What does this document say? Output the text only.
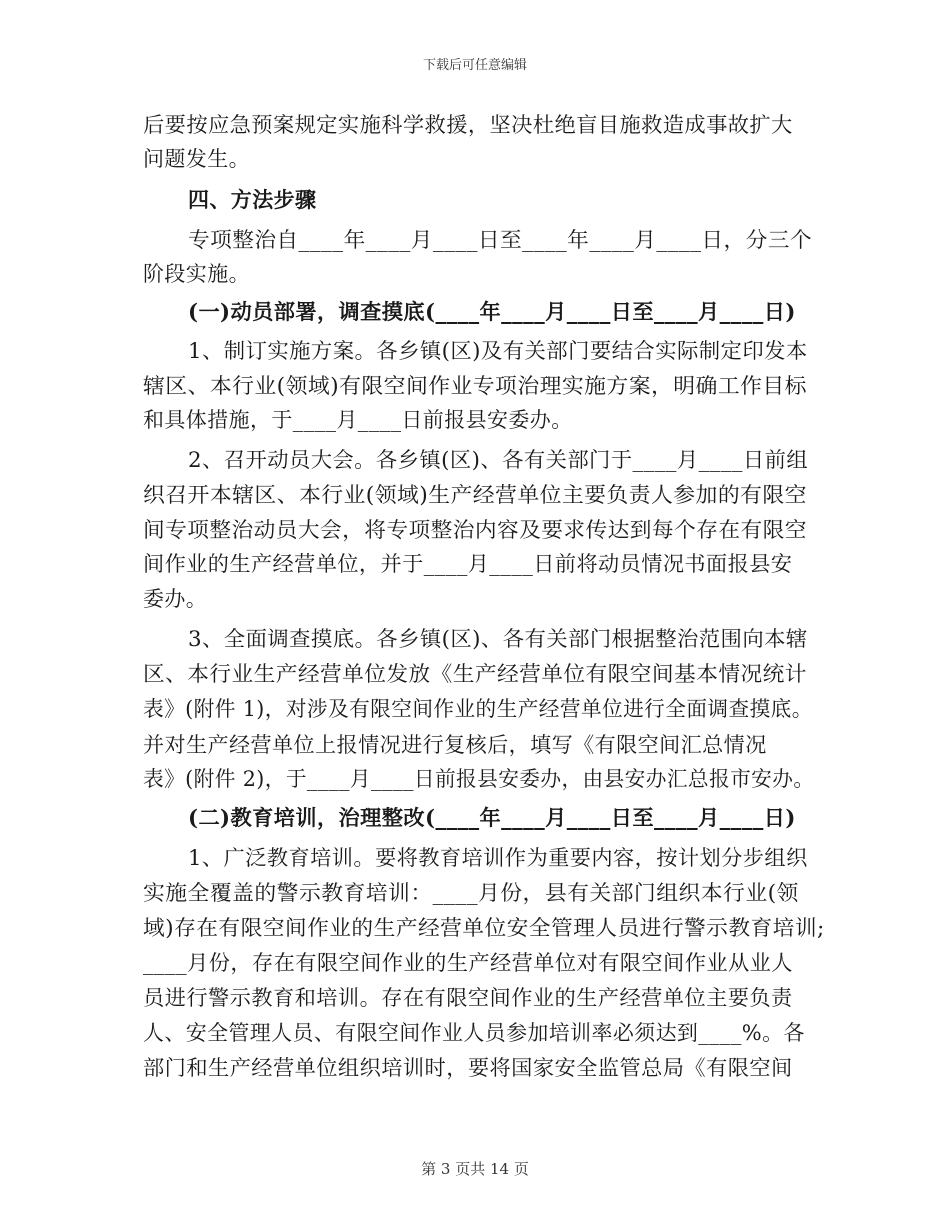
下载后可任意编辑
后要按应急预案规定实施科学救援，坚决杜绝盲目施救造成事故扩大
问题发生。
四、方法步骤
专项整治自____年____月____日至____年____月____日，分三个
阶段实施。
(一)动员部署，调查摸底(____年____月____日至____月____日)
1、制订实施方案。各乡镇(区)及有关部门要结合实际制定印发本
辖区、本行业(领域)有限空间作业专项治理实施方案，明确工作目标
和具体措施，于____月____日前报县安委办。
2、召开动员大会。各乡镇(区)、各有关部门于____月____日前组
织召开本辖区、本行业(领域)生产经营单位主要负责人参加的有限空
间专项整治动员大会，将专项整治内容及要求传达到每个存在有限空
间作业的生产经营单位，并于____月____日前将动员情况书面报县安
委办。
3、全面调查摸底。各乡镇(区)、各有关部门根据整治范围向本辖
区、本行业生产经营单位发放《生产经营单位有限空间基本情况统计
表》(附件 1)，对涉及有限空间作业的生产经营单位进行全面调查摸底。
并对生产经营单位上报情况进行复核后，填写《有限空间汇总情况
表》(附件 2)，于____月____日前报县安委办，由县安办汇总报市安办。
(二)教育培训，治理整改(____年____月____日至____月____日)
1、广泛教育培训。要将教育培训作为重要内容，按计划分步组织
实施全覆盖的警示教育培训：____月份，县有关部门组织本行业(领
域)存在有限空间作业的生产经营单位安全管理人员进行警示教育培训;
____月份，存在有限空间作业的生产经营单位对有限空间作业从业人
员进行警示教育和培训。存在有限空间作业的生产经营单位主要负责
人、安全管理人员、有限空间作业人员参加培训率必须达到____%。各
部门和生产经营单位组织培训时，要将国家安全监管总局《有限空间
第 3 页共 14 页
